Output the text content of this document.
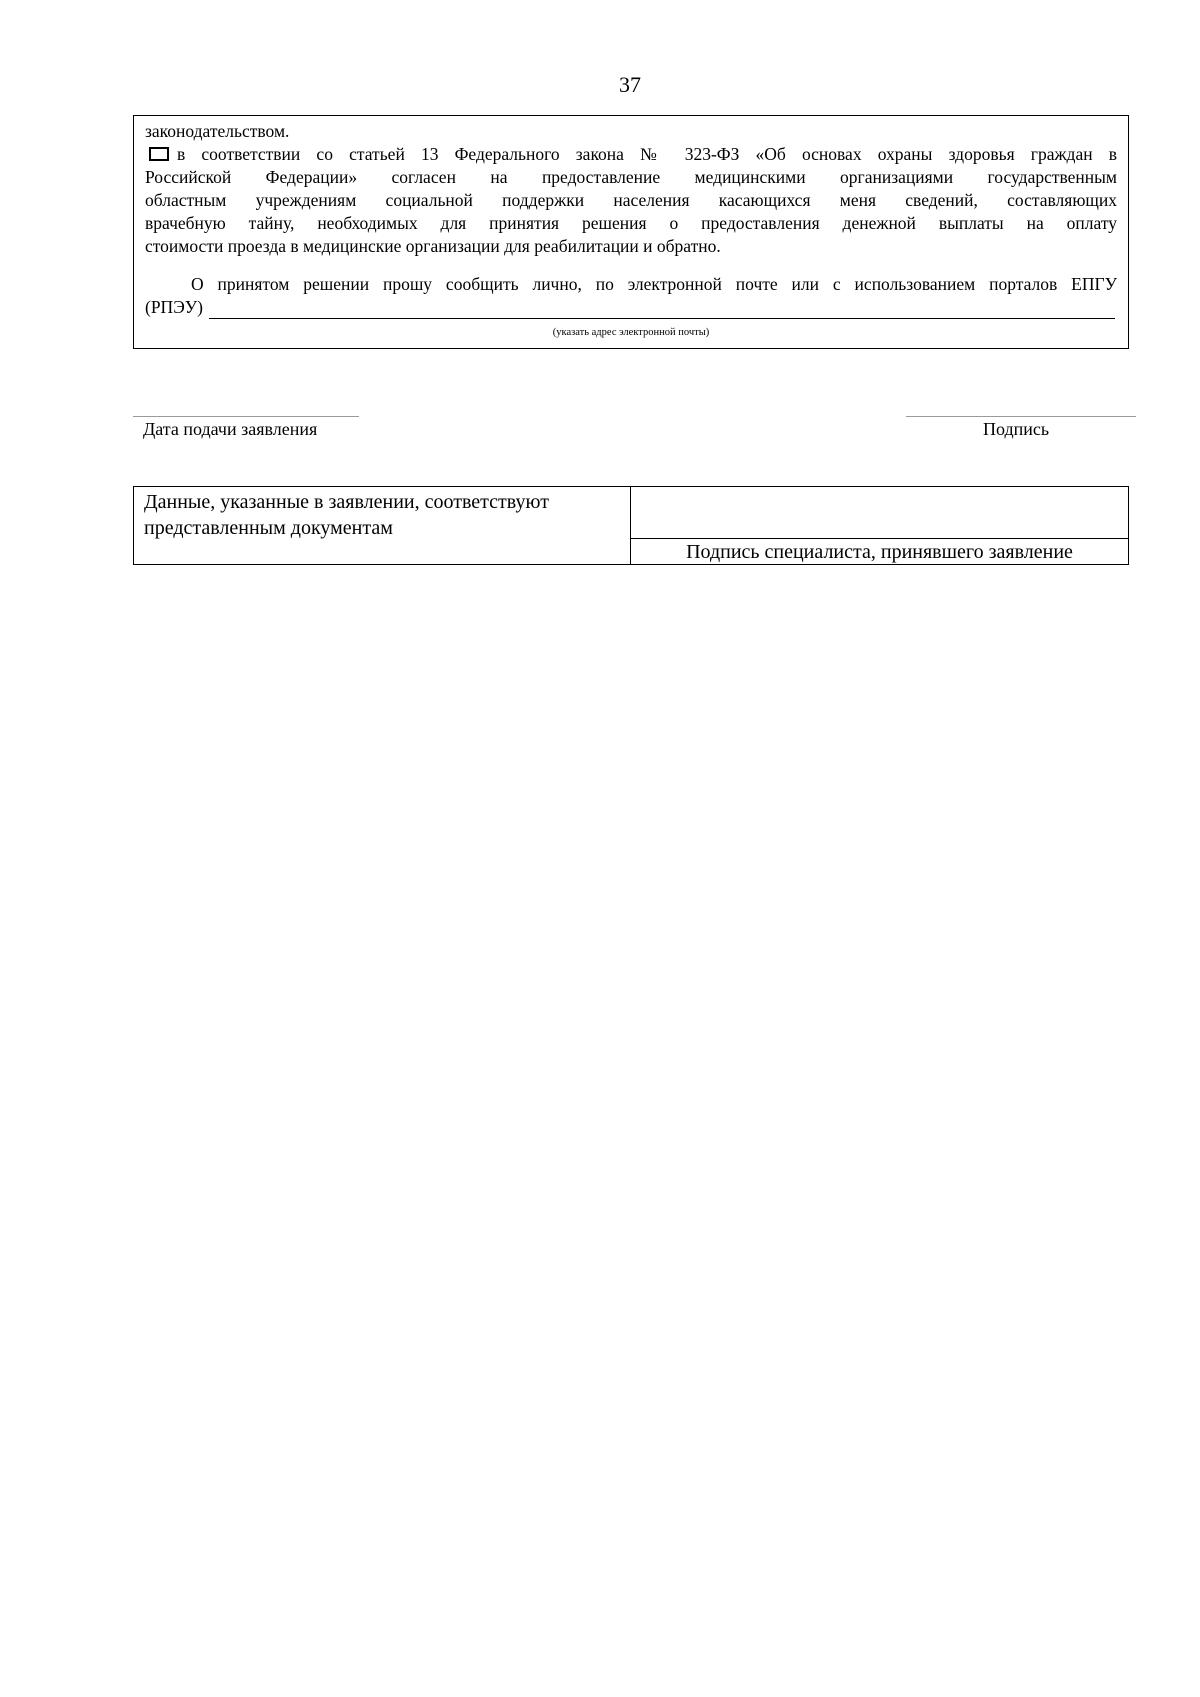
37

законодательством.

в соответствии со статьей 13 Федерального закона № 323-ФЗ «Об основах охраны здоровья граждан в

Российской Федерации» согласен на предоставление медицинскими организациями государственным

областным учреждениям социальной поддержки населения касающихся меня сведений, составляющих

врачебную тайну, необходимых для принятия решения о предоставления денежной выплаты на оплату

стоимости проезда в медицинские организации для реабилитации и обратно.

О принятом решении прошу сообщить лично, по электронной почте или с использованием порталов ЕПГУ

(РПЭУ)
(указать адрес электронной почты)
Дата подачи заявления	Подпись
Данные, указанные в заявлении, соответствуют
представленным документам
Подпись специалиста, принявшего заявление
